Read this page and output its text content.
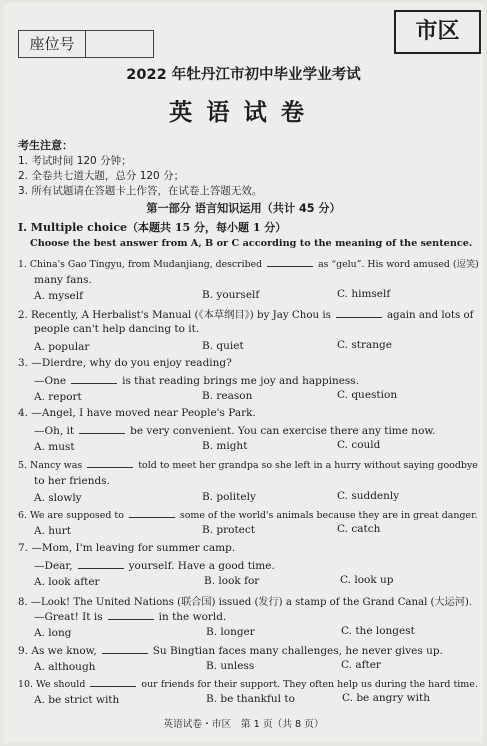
座位号	市区
2022 年牡丹江市初中毕业学业考试
英语试卷
考生注意：
1. 考试时间 120 分钟；
2. 全卷共七道大题，总分 120 分；
3. 所有试题请在答题卡上作答，在试卷上答题无效。
第一部分 语言知识运用（共计 45 分）
I. Multiple choice（本题共 15 分，每小题 1 分）
Choose the best answer from A, B or C according to the meaning of the sentence.
1. China's Gao Tingyu, from Mudanjiang, described	as “gelu”. His word amused (逗笑)
many fans.
A. myself	B. yourself	C. himself
2. Recently, A Herbalist's Manual (《本草纲目》) by Jay Chou is	again and lots of
people can't help dancing to it.
A. popular	B. quiet	C. strange
3. —Dierdre, why do you enjoy reading?
—One	is that reading brings me joy and happiness.
A. report	B. reason	C. question
4. —Angel, I have moved near People's Park.
—Oh, it	be very convenient. You can exercise there any time now.
A. must	B. might	C. could
5. Nancy was	told to meet her grandpa so she left in a hurry without saying goodbye
to her friends.
A. slowly	B. politely	C. suddenly
6. We are supposed to	some of the world's animals because they are in great danger.
A. hurt	B. protect	C. catch
7. —Mom, I'm leaving for summer camp.
—Dear,	yourself. Have a good time.
A. look after	B. look for	C. look up
8. —Look! The United Nations (联合国) issued (发行) a stamp of the Grand Canal (大运河).
—Great! It is	in the world.
A. long	B. longer	C. the longest
9. As we know,	Su Bingtian faces many challenges, he never gives up.
A. although	B. unless	C. after
10. We should	our friends for their support. They often help us during the hard time.
A. be strict with	B. be thankful to	C. be angry with
英语试卷・市区　第 1 页（共 8 页）
